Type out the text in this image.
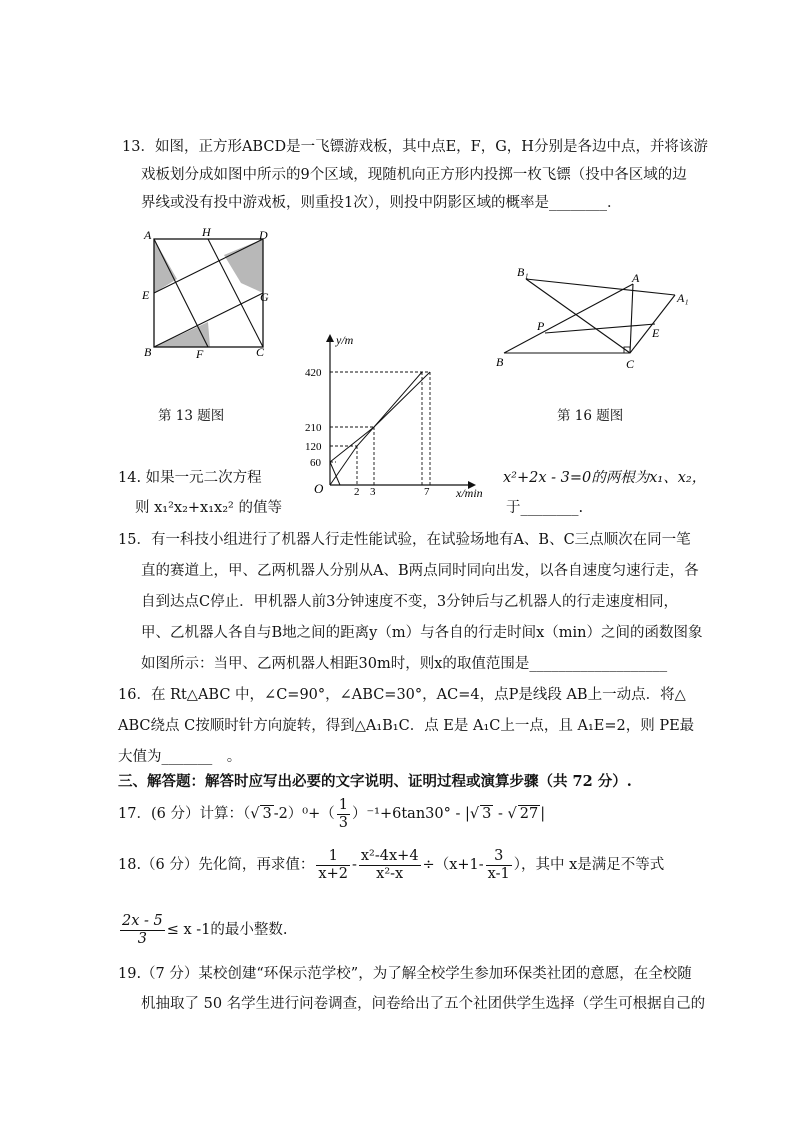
13．如图，正方形ABCD是一飞镖游戏板，其中点E，F，G，H分别是各边中点，并将该游
戏板划分成如图中所示的9个区域，现随机向正方形内投掷一枚飞镖（投中各区域的边
界线或没有投中游戏板，则重投1次），则投中阴影区域的概率是________．
A	H	D
E	G
B	F	C
第 13 题图
y/m
x/min
O
420
210
120
60
2 3	7
B₁	A
A₁
P	E
B	C
第 16 题图
14. 如果一元二次方程	x²+2x - 3=0的两根为x₁、x₂，
则 x₁²x₂+x₁x₂² 的值等	于________.
15．有一科技小组进行了机器人行走性能试验，在试验场地有A、B、C三点顺次在同一笔
直的赛道上，甲、乙两机器人分别从A、B两点同时同向出发，以各自速度匀速行走，各
自到达点C停止．甲机器人前3分钟速度不变，3分钟后与乙机器人的行走速度相同，
甲、乙机器人各自与B地之间的距离y（m）与各自的行走时间x（min）之间的函数图象
如图所示：当甲、乙两机器人相距30m时，则x的取值范围是___________________
16．在 Rt△ABC 中，∠C=90°，∠ABC=30°，AC=4，点P是线段 AB上一动点．将△
ABC绕点 C按顺时针方向旋转，得到△A₁B₁C．点 E是 A₁C上一点，且 A₁E=2，则 PE最
大值为_______　。
三、解答题：解答时应写出必要的文字说明、证明过程或演算步骤（共 72 分）.
17．(6 分）计算：（√ 3 $-2)^0+( \frac{1}{3} )^{-1}+6\tan 30^\circ$ - |√ 3 - √ 27 |
18.（6 分）先化简，再求值： $\frac{1}{x+2} - \frac{\text{x²-4x+4}}{\text{x²-x}} \div(x+1- \frac{3}{x-1}$ ），其中 x是满足不等式
$\frac{2x - 5}{3} \le x$ -1的最小整数.
19.（7 分）某校创建“环保示范学校”，为了解全校学生参加环保类社团的意愿，在全校随
机抽取了 50 名学生进行问卷调查，问卷给出了五个社团供学生选择（学生可根据自己的
